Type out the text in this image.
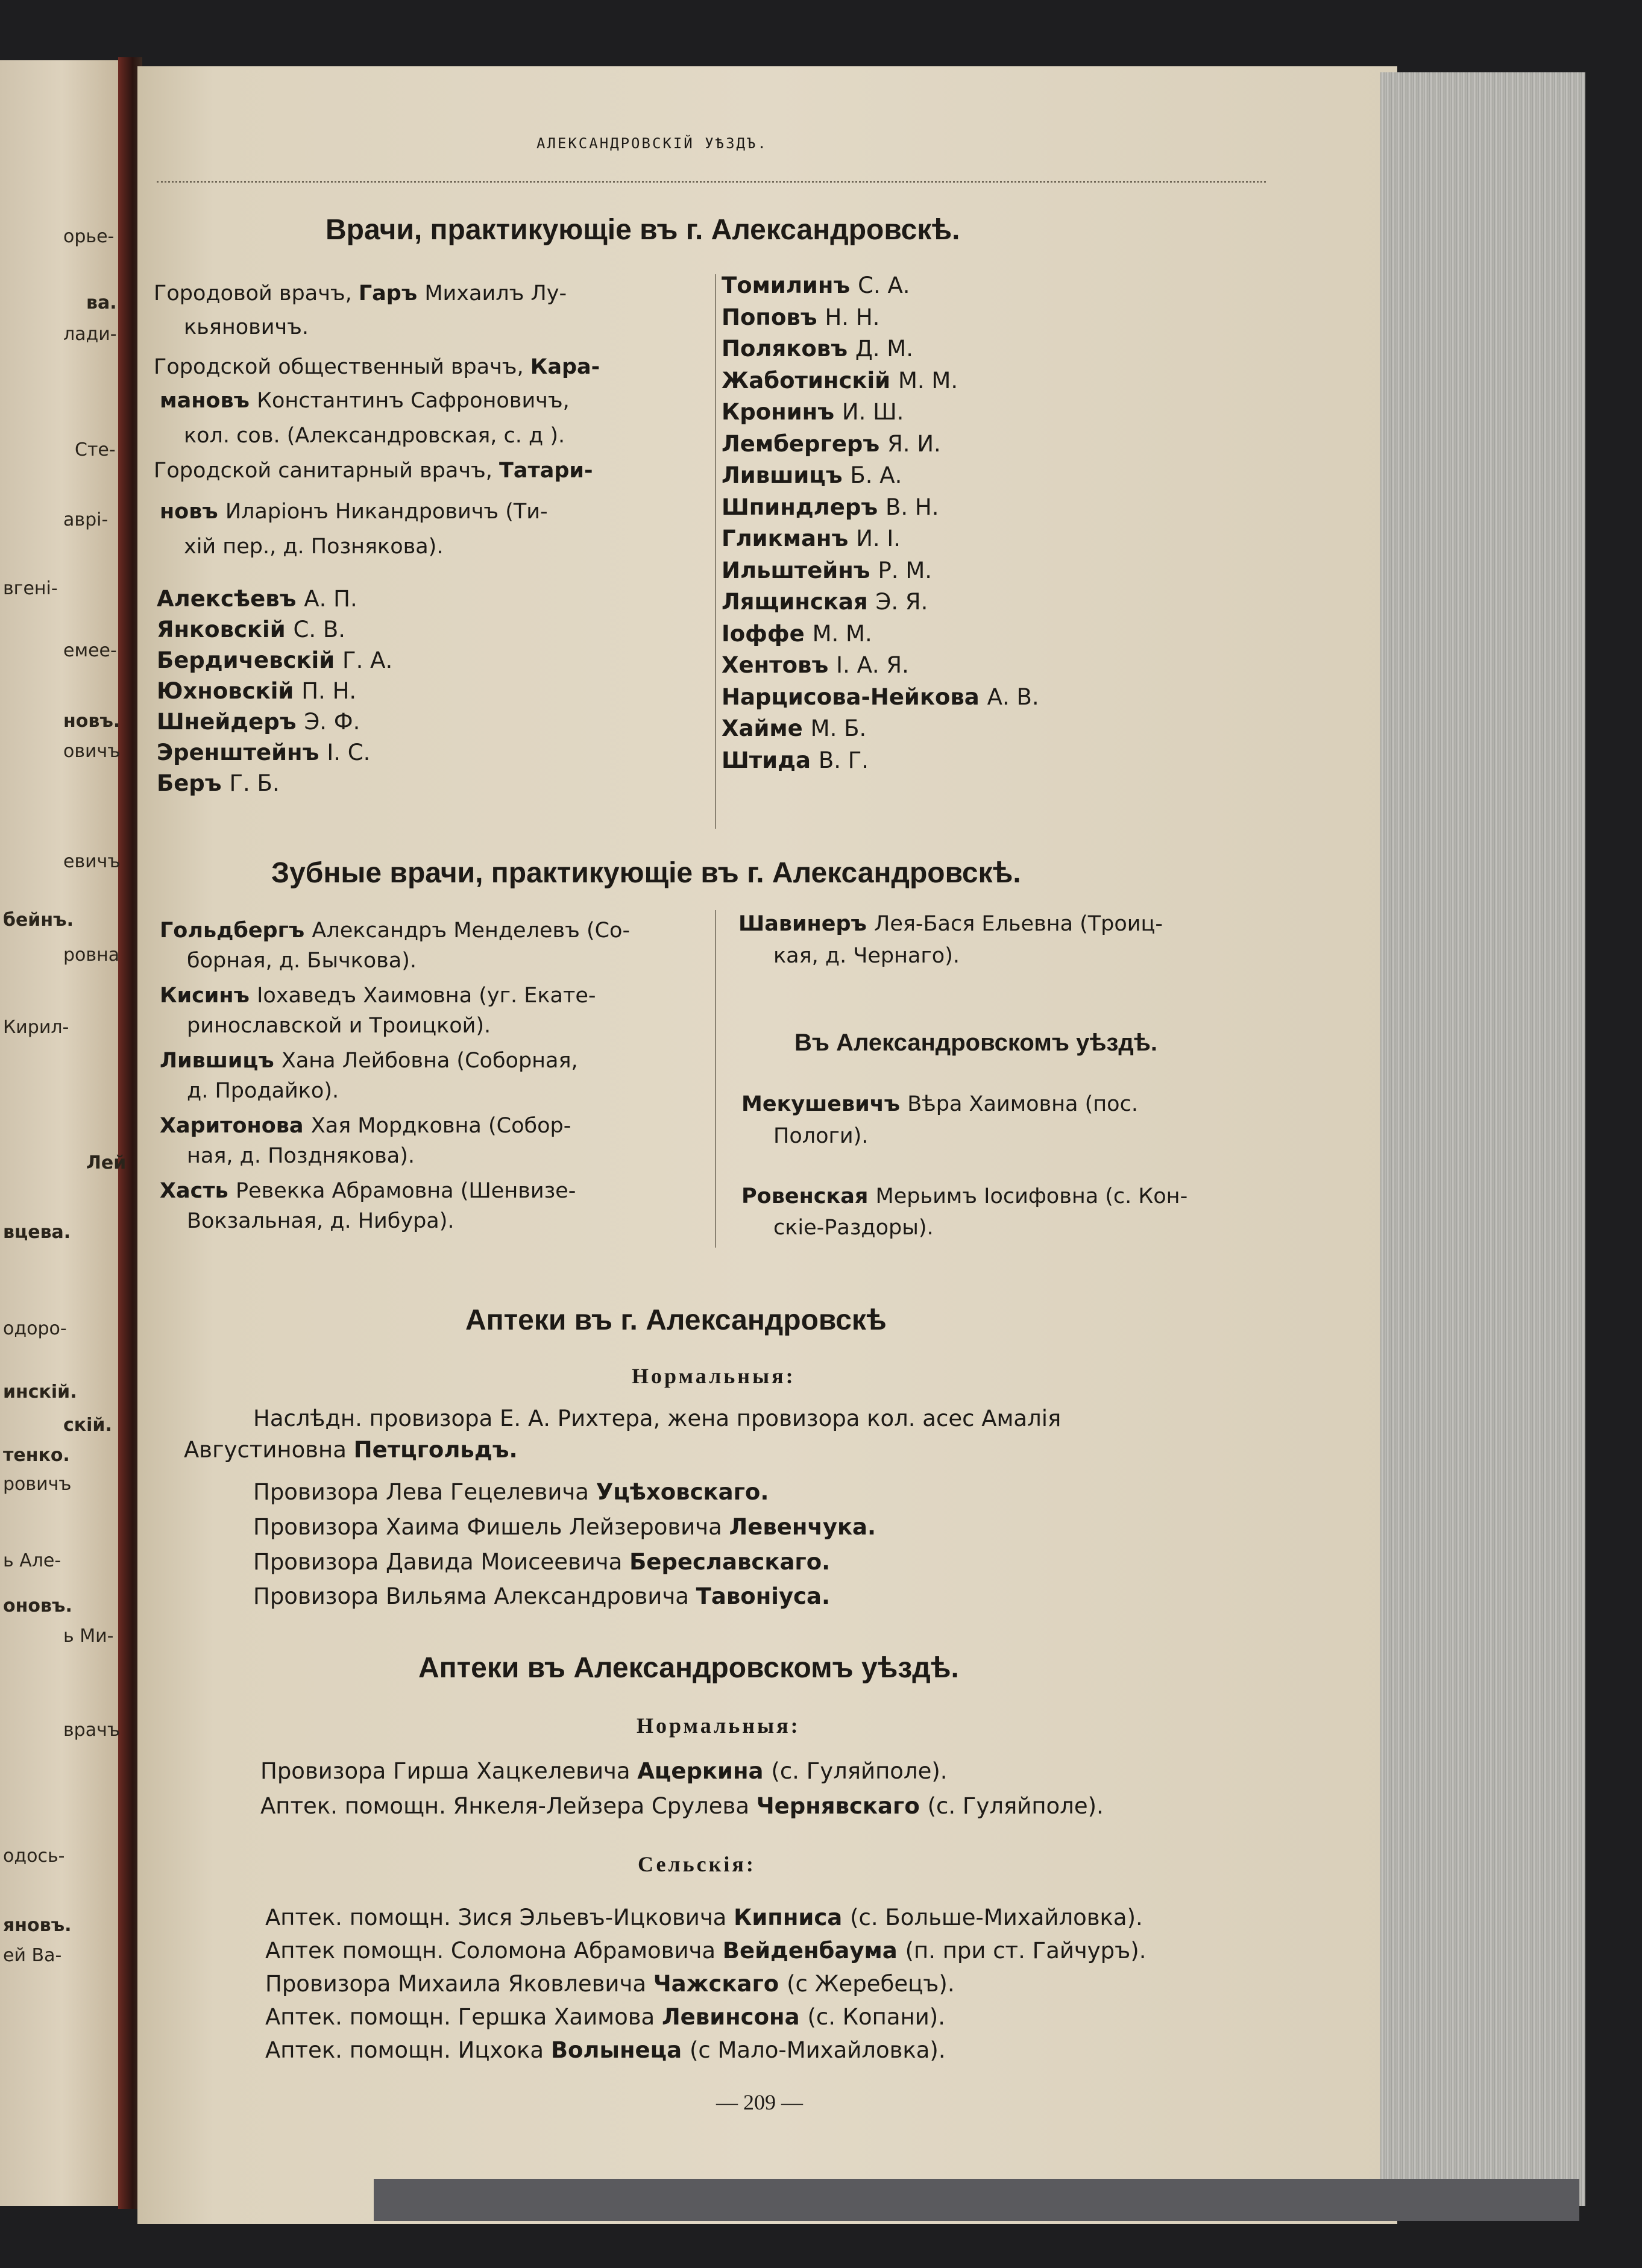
орье-
ва.
лади-
Сте-
аврі-
вгені-
емее-
новъ.
овичъ
евичъ
бейнъ.
ровна
Кирил-
Лей
вцева.
одоро-
инскій.
скій.
тенко.
ровичъ
ь Але-
оновъ.
ь Ми-
врачъ
одось-
яновъ.
ей Ва-
АЛЕКСАНДРОВСКІЙ УѢЗДЪ.
Врачи, практикующіе въ г. Александровскѣ.
Городовой врачъ, Гаръ Михаилъ Лу-
кьяновичъ.
Городской общественный врачъ, Кара-
мановъ Константинъ Сафроновичъ,
кол. сов. (Александровская, с. д ).
Городской санитарный врачъ, Татари-
новъ Иларіонъ Никандровичъ (Ти-
хій пер., д. Познякова).
Алексѣевъ А. П.
Янковскій С. В.
Бердичевскій Г. А.
Юхновскій П. Н.
Шнейдеръ Э. Ф.
Эренштейнъ І. С.
Беръ Г. Б.
Томилинъ С. А.
Поповъ Н. Н.
Поляковъ Д. М.
Жаботинскій М. М.
Кронинъ И. Ш.
Лембергеръ Я. И.
Лившицъ Б. А.
Шпиндлеръ В. Н.
Гликманъ И. І.
Ильштейнъ Р. М.
Лящинская Э. Я.
Іоффе М. М.
Хентовъ І. А. Я.
Нарцисова-Нейкова А. В.
Хайме М. Б.
Штида В. Г.
Зубные врачи, практикующіе въ г. Александровскѣ.
Гольдбергъ Александръ Менделевъ (Со-
борная, д. Бычкова).
Кисинъ Іохаведъ Хаимовна (уг. Екате-
ринославской и Троицкой).
Лившицъ Хана Лейбовна (Соборная,
д. Продайко).
Харитонова Хая Мордковна (Собор-
ная, д. Позднякова).
Хасть Ревекка Абрамовна (Шенвизе-
Вокзальная, д. Нибура).
Шавинеръ Лея-Бася Ельевна (Троиц-
кая, д. Чернаго).
Въ Александровскомъ уѣздѣ.
Мекушевичъ Вѣра Хаимовна (пос.
Пологи).
Ровенская Мерьимъ Іосифовна (с. Кон-
скіе-Раздоры).
Аптеки въ г. Александровскѣ
Нормальныя:
Наслѣдн. провизора Е. А. Рихтера, жена провизора кол. асес Амалія
Августиновна Петцгольдъ.
Провизора Лева Гецелевича Уцѣховскаго.
Провизора Хаима Фишель Лейзеровича Левенчука.
Провизора Давида Моисеевича Береславскаго.
Провизора Вильяма Александровича Тавоніуса.
Аптеки въ Александровскомъ уѣздѣ.
Нормальныя:
Провизора Гирша Хацкелевича Ацеркина (с. Гуляйполе).
Аптек. помощн. Янкеля-Лейзера Срулева Чернявскаго (с. Гуляйполе).
Сельскія:
Аптек. помощн. Зися Эльевъ-Ицковича Кипниса (с. Больше-Михайловка).
Аптек помощн. Соломона Абрамовича Вейденбаума (п. при ст. Гайчуръ).
Провизора Михаила Яковлевича Чажскаго (с Жеребецъ).
Аптек. помощн. Гершка Хаимова Левинсона (с. Копани).
Аптек. помощн. Ицхока Волынеца (с Мало-Михайловка).
— 209 —
